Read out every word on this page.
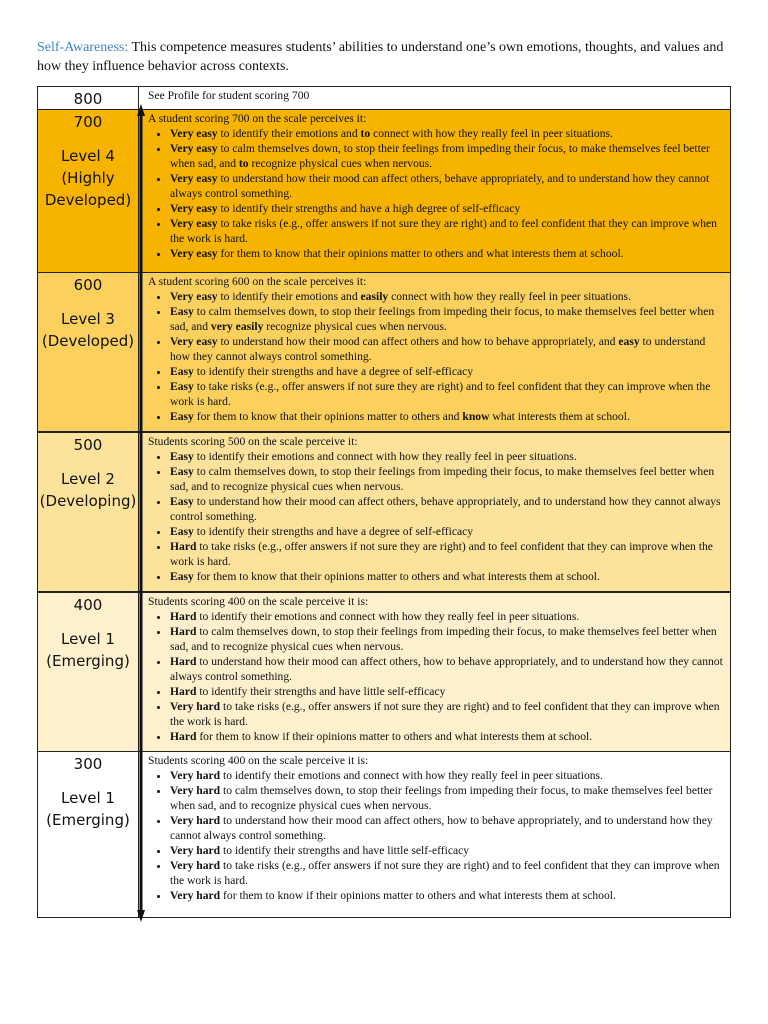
Self-Awareness: This competence measures students’ abilities to understand one’s own emotions, thoughts, and values and how they influence behavior across contexts.
800	See Profile for student scoring 700
700
Level 4
(Highly
Developed)
A student scoring 700 on the scale perceives it:
• Very easy to identify their emotions and to connect with how they really feel in peer situations.
• Very easy to calm themselves down, to stop their feelings from impeding their focus, to make themselves feel better when sad, and to recognize physical cues when nervous.
• Very easy to understand how their mood can affect others, behave appropriately, and to understand how they cannot always control something.
• Very easy to identify their strengths and have a high degree of self-efficacy
• Very easy to take risks (e.g., offer answers if not sure they are right) and to feel confident that they can improve when the work is hard.
• Very easy for them to know that their opinions matter to others and what interests them at school.
600
Level 3
(Developed)
A student scoring 600 on the scale perceives it:
• Very easy to identify their emotions and easily connect with how they really feel in peer situations.
• Easy to calm themselves down, to stop their feelings from impeding their focus, to make themselves feel better when sad, and very easily recognize physical cues when nervous.
• Very easy to understand how their mood can affect others and how to behave appropriately, and easy to understand how they cannot always control something.
• Easy to identify their strengths and have a degree of self-efficacy
• Easy to take risks (e.g., offer answers if not sure they are right) and to feel confident that they can improve when the work is hard.
• Easy for them to know that their opinions matter to others and know what interests them at school.
500
Level 2
(Developing)
Students scoring 500 on the scale perceive it:
• Easy to identify their emotions and connect with how they really feel in peer situations.
• Easy to calm themselves down, to stop their feelings from impeding their focus, to make themselves feel better when sad, and to recognize physical cues when nervous.
• Easy to understand how their mood can affect others, behave appropriately, and to understand how they cannot always control something.
• Easy to identify their strengths and have a degree of self-efficacy
• Hard to take risks (e.g., offer answers if not sure they are right) and to feel confident that they can improve when the work is hard.
• Easy for them to know that their opinions matter to others and what interests them at school.
400
Level 1
(Emerging)
Students scoring 400 on the scale perceive it is:
• Hard to identify their emotions and connect with how they really feel in peer situations.
• Hard to calm themselves down, to stop their feelings from impeding their focus, to make themselves feel better when sad, and to recognize physical cues when nervous.
• Hard to understand how their mood can affect others, how to behave appropriately, and to understand how they cannot always control something.
• Hard to identify their strengths and have little self-efficacy
• Very hard to take risks (e.g., offer answers if not sure they are right) and to feel confident that they can improve when the work is hard.
• Hard for them to know if their opinions matter to others and what interests them at school.
300
Level 1
(Emerging)
Students scoring 400 on the scale perceive it is:
• Very hard to identify their emotions and connect with how they really feel in peer situations.
• Very hard to calm themselves down, to stop their feelings from impeding their focus, to make themselves feel better when sad, and to recognize physical cues when nervous.
• Very hard to understand how their mood can affect others, how to behave appropriately, and to understand how they cannot always control something.
• Very hard to identify their strengths and have little self-efficacy
• Very hard to take risks (e.g., offer answers if not sure they are right) and to feel confident that they can improve when the work is hard.
• Very hard for them to know if their opinions matter to others and what interests them at school.
